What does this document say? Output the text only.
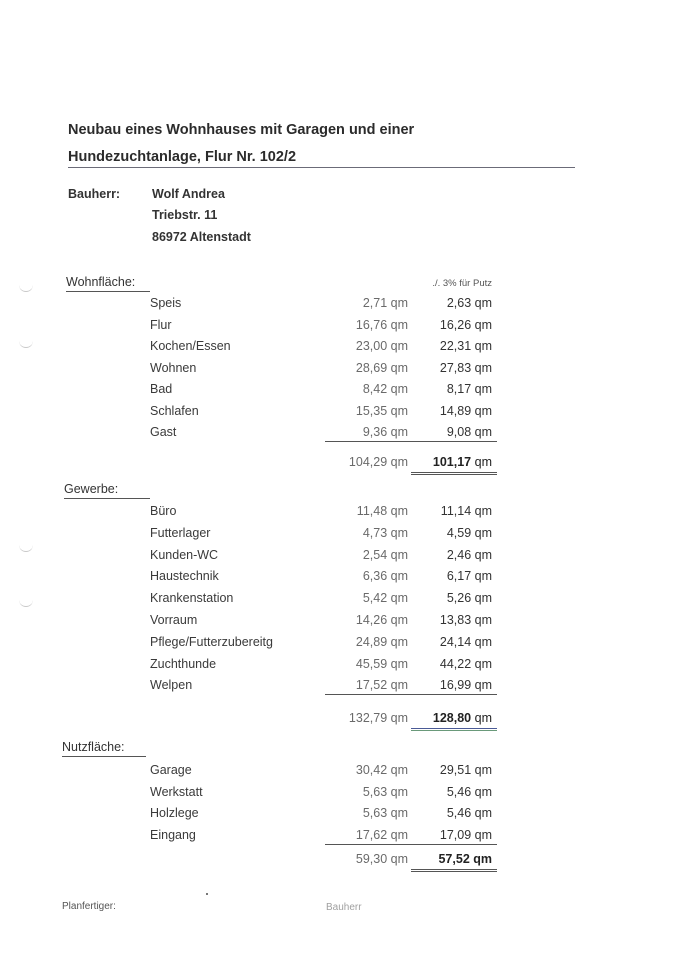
Neubau eines Wohnhauses mit Garagen und einer
Hundezuchtanlage, Flur Nr. 102/2
Bauherr:	Wolf Andrea
Triebstr. 11
86972 Altenstadt
./. 3% für Putz
Wohnfläche:
Speis	2,71 qm	2,63 qm
Flur	16,76 qm	16,26 qm
Kochen/Essen	23,00 qm	22,31 qm
Wohnen	28,69 qm	27,83 qm
Bad	8,42 qm	8,17 qm
Schlafen	15,35 qm	14,89 qm
Gast	9,36 qm	9,08 qm
104,29 qm	101,17 qm
Gewerbe:
Büro	11,48 qm	11,14 qm
Futterlager	4,73 qm	4,59 qm
Kunden-WC	2,54 qm	2,46 qm
Haustechnik	6,36 qm	6,17 qm
Krankenstation	5,42 qm	5,26 qm
Vorraum	14,26 qm	13,83 qm
Pflege/Futterzubereitg	24,89 qm	24,14 qm
Zuchthunde	45,59 qm	44,22 qm
Welpen	17,52 qm	16,99 qm
132,79 qm	128,80 qm
Nutzfläche:
Garage	30,42 qm	29,51 qm
Werkstatt	5,63 qm	5,46 qm
Holzlege	5,63 qm	5,46 qm
Eingang	17,62 qm	17,09 qm
59,30 qm	57,52 qm
Planfertiger:	Bauherr
